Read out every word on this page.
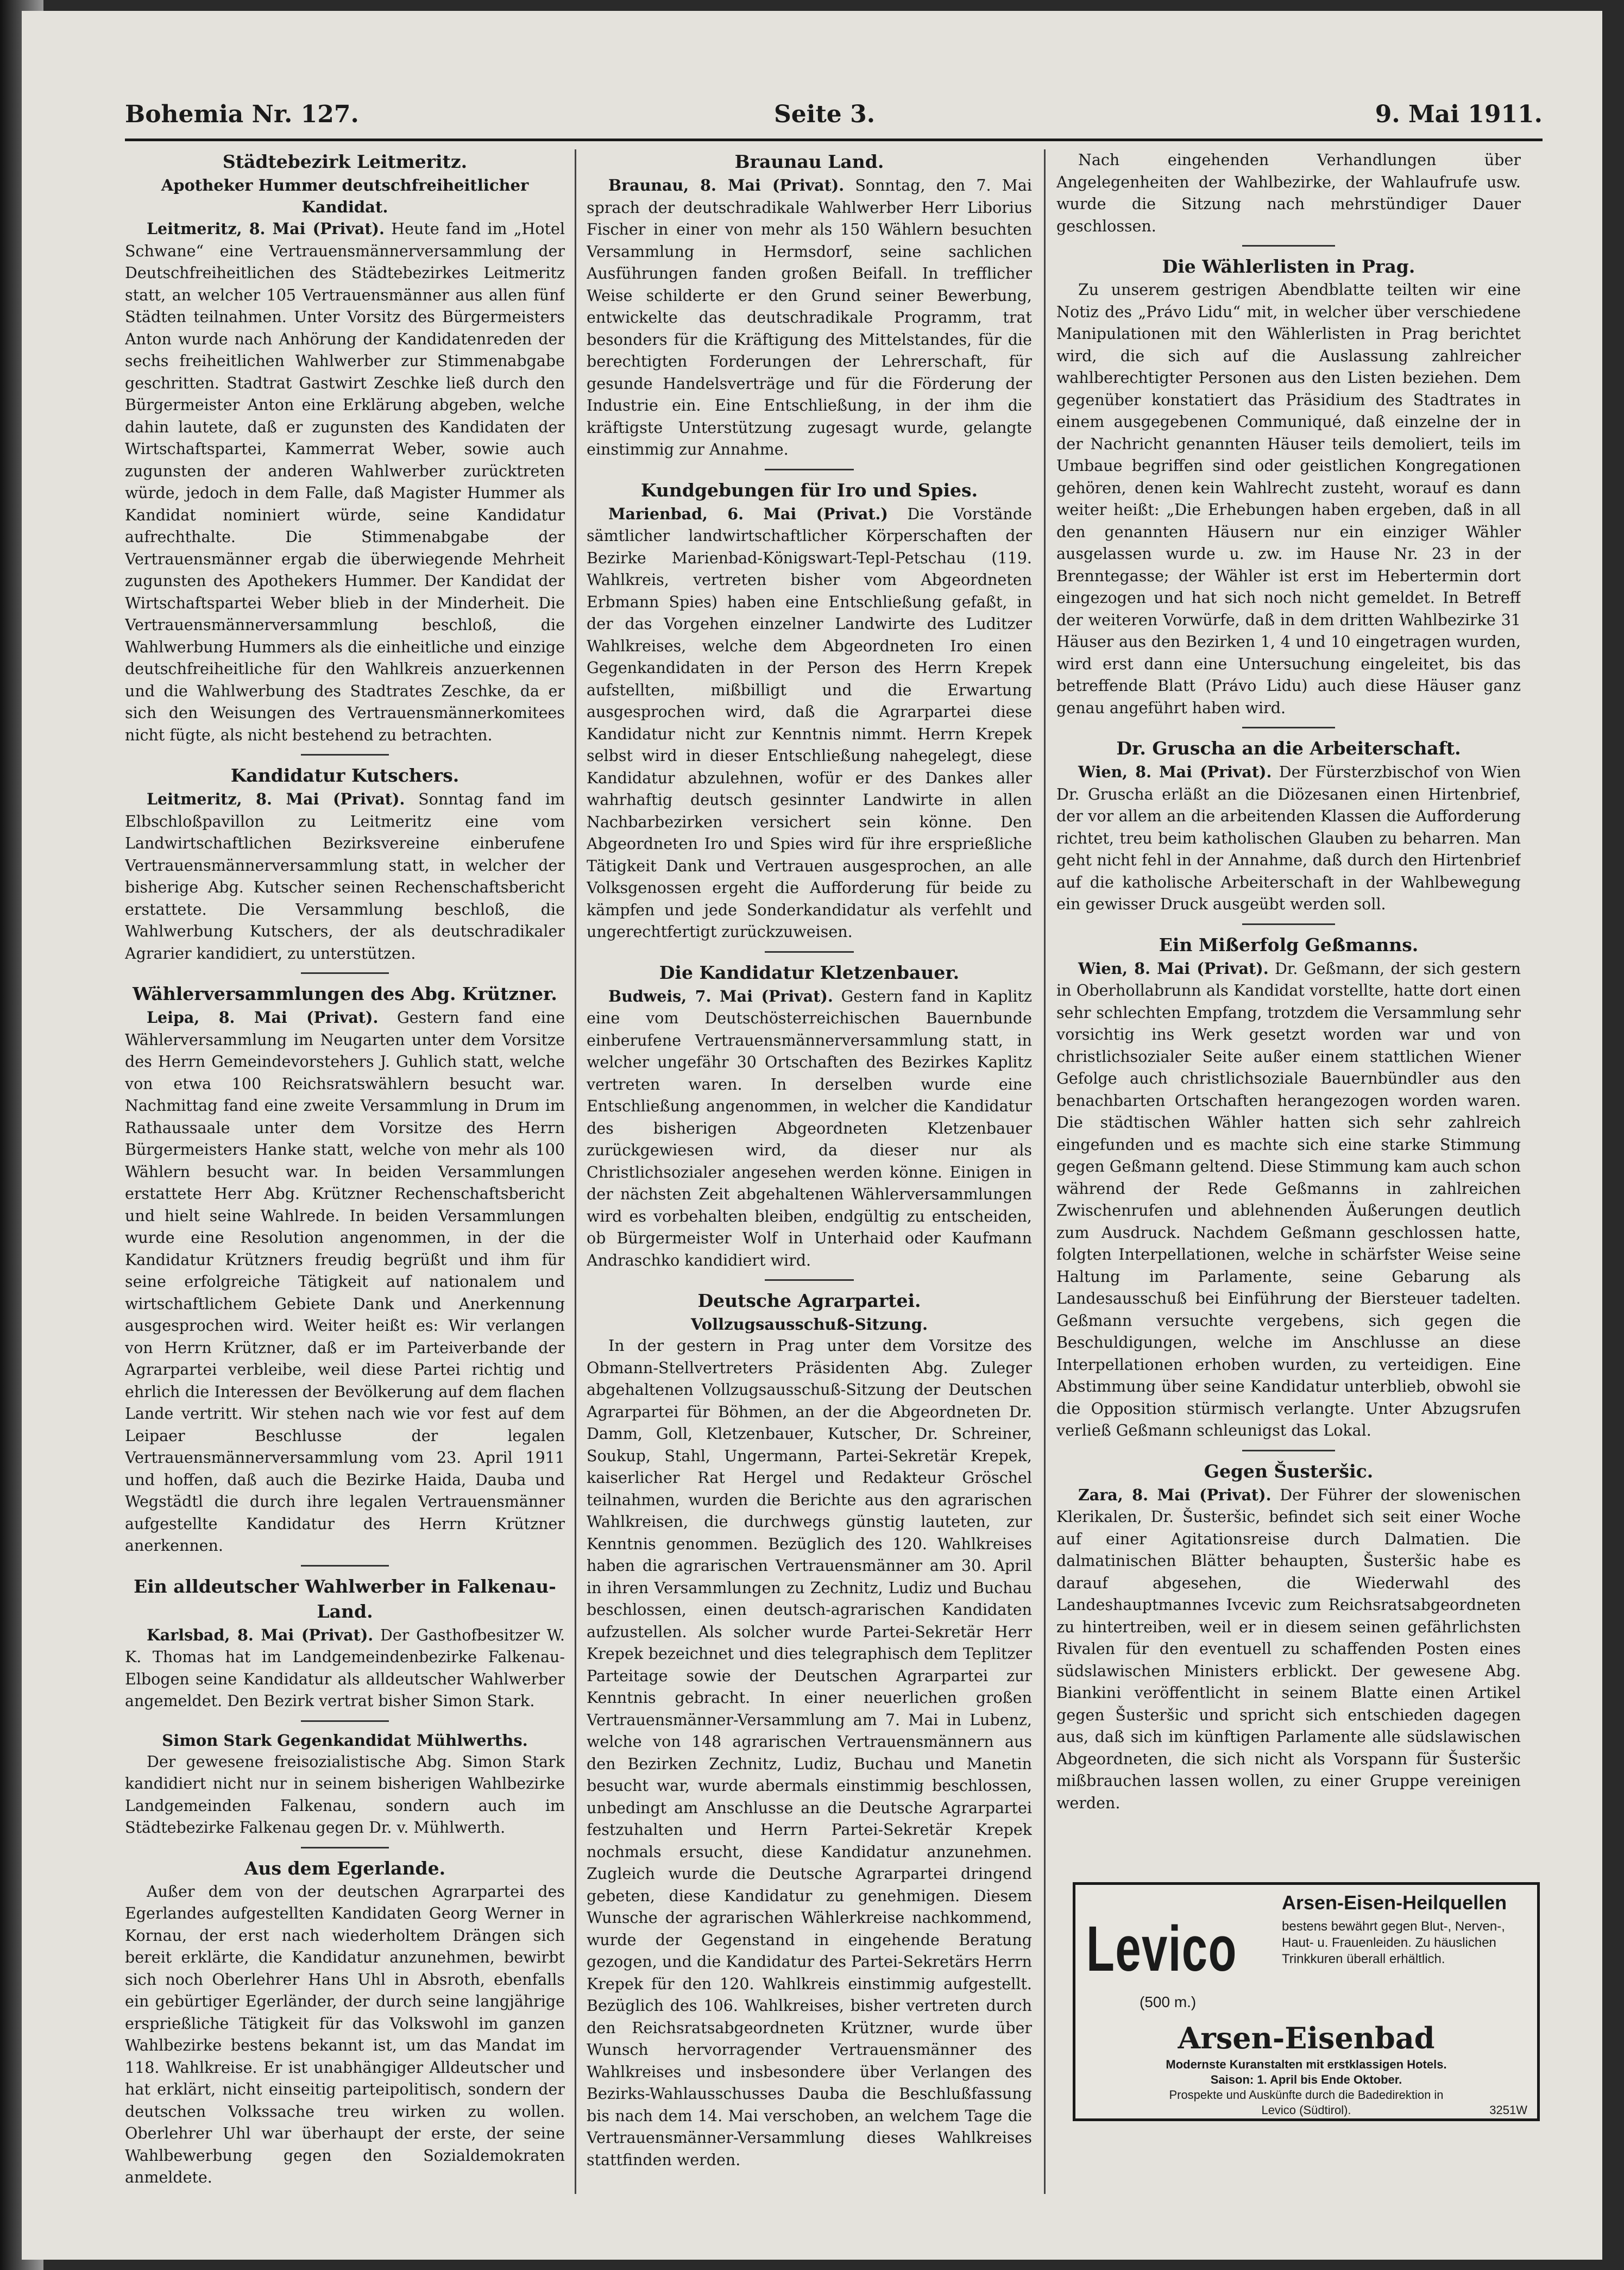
Bohemia Nr. 127.	Seite 3.	9. Mai 1911.

Städtebezirk Leitmeritz.

Apotheker Hummer deutschfreiheitlicher Kandidat.

Leitmeritz, 8. Mai (Privat). Heute fand im „Hotel Schwane“ eine Vertrauensmännerversammlung der Deutschfreiheitlichen des Städtebezirkes Leitmeritz statt, an welcher 105 Vertrauensmänner aus allen fünf Städten teilnahmen. Unter Vorsitz des Bürgermeisters Anton wurde nach Anhörung der Kandidatenreden der sechs freiheitlichen Wahlwerber zur Stimmenabgabe geschritten. Stadtrat Gastwirt Zeschke ließ durch den Bürgermeister Anton eine Erklärung abgeben, welche dahin lautete, daß er zugunsten des Kandidaten der Wirtschaftspartei, Kammerrat Weber, sowie auch zugunsten der anderen Wahlwerber zurücktreten würde, jedoch in dem Falle, daß Magister Hummer als Kandidat nominiert würde, seine Kandidatur aufrechthalte. Die Stimmenabgabe der Vertrauensmänner ergab die überwiegende Mehrheit zugunsten des Apothekers Hummer. Der Kandidat der Wirtschaftspartei Weber blieb in der Minderheit. Die Vertrauensmännerversammlung beschloß, die Wahlwerbung Hummers als die einheitliche und einzige deutschfreiheitliche für den Wahlkreis anzuerkennen und die Wahlwerbung des Stadtrates Zeschke, da er sich den Weisungen des Vertrauensmännerkomitees nicht fügte, als nicht bestehend zu betrachten.

Kandidatur Kutschers.

Leitmeritz, 8. Mai (Privat). Sonntag fand im Elbschloßpavillon zu Leitmeritz eine vom Landwirtschaftlichen Bezirksvereine einberufene Vertrauensmännerversammlung statt, in welcher der bisherige Abg. Kutscher seinen Rechenschaftsbericht erstattete. Die Versammlung beschloß, die Wahlwerbung Kutschers, der als deutschradikaler Agrarier kandidiert, zu unterstützen.

Wählerversammlungen des Abg. Krützner.

Leipa, 8. Mai (Privat). Gestern fand eine Wählerversammlung im Neugarten unter dem Vorsitze des Herrn Gemeindevorstehers J. Guhlich statt, welche von etwa 100 Reichsratswählern besucht war. Nachmittag fand eine zweite Versammlung in Drum im Rathaussaale unter dem Vorsitze des Herrn Bürgermeisters Hanke statt, welche von mehr als 100 Wählern besucht war. In beiden Versammlungen erstattete Herr Abg. Krützner Rechenschaftsbericht und hielt seine Wahlrede. In beiden Versammlungen wurde eine Resolution angenommen, in der die Kandidatur Krützners freudig begrüßt und ihm für seine erfolgreiche Tätigkeit auf nationalem und wirtschaftlichem Gebiete Dank und Anerkennung ausgesprochen wird. Weiter heißt es: Wir verlangen von Herrn Krützner, daß er im Parteiverbande der Agrarpartei verbleibe, weil diese Partei richtig und ehrlich die Interessen der Bevölkerung auf dem flachen Lande vertritt. Wir stehen nach wie vor fest auf dem Leipaer Beschlusse der legalen Vertrauensmännerversammlung vom 23. April 1911 und hoffen, daß auch die Bezirke Haida, Dauba und Wegstädtl die durch ihre legalen Vertrauensmänner aufgestellte Kandidatur des Herrn Krützner anerkennen.

Ein alldeutscher Wahlwerber in Falkenau-Land.

Karlsbad, 8. Mai (Privat). Der Gasthofbesitzer W. K. Thomas hat im Landgemeindenbezirke Falkenau-Elbogen seine Kandidatur als alldeutscher Wahlwerber angemeldet. Den Bezirk vertrat bisher Simon Stark.

Simon Stark Gegenkandidat Mühlwerths.

Der gewesene freisozialistische Abg. Simon Stark kandidiert nicht nur in seinem bisherigen Wahlbezirke Landgemeinden Falkenau, sondern auch im Städtebezirke Falkenau gegen Dr. v. Mühlwerth.

Aus dem Egerlande.

Außer dem von der deutschen Agrarpartei des Egerlandes aufgestellten Kandidaten Georg Werner in Kornau, der erst nach wiederholtem Drängen sich bereit erklärte, die Kandidatur anzunehmen, bewirbt sich noch Oberlehrer Hans Uhl in Absroth, ebenfalls ein gebürtiger Egerländer, der durch seine langjährige ersprießliche Tätigkeit für das Volkswohl im ganzen Wahlbezirke bestens bekannt ist, um das Mandat im 118. Wahlkreise. Er ist unabhängiger Alldeutscher und hat erklärt, nicht einseitig parteipolitisch, sondern der deutschen Volkssache treu wirken zu wollen. Oberlehrer Uhl war überhaupt der erste, der seine Wahlbewerbung gegen den Sozialdemokraten anmeldete.

Braunau Land.

Braunau, 8. Mai (Privat). Sonntag, den 7. Mai sprach der deutschradikale Wahlwerber Herr Liborius Fischer in einer von mehr als 150 Wählern besuchten Versammlung in Hermsdorf, seine sachlichen Ausführungen fanden großen Beifall. In trefflicher Weise schilderte er den Grund seiner Bewerbung, entwickelte das deutschradikale Programm, trat besonders für die Kräftigung des Mittelstandes, für die berechtigten Forderungen der Lehrerschaft, für gesunde Handelsverträge und für die Förderung der Industrie ein. Eine Entschließung, in der ihm die kräftigste Unterstützung zugesagt wurde, gelangte einstimmig zur Annahme.

Kundgebungen für Iro und Spies.

Marienbad, 6. Mai (Privat.) Die Vorstände sämtlicher landwirtschaftlicher Körperschaften der Bezirke Marienbad-Königswart-Tepl-Petschau (119. Wahlkreis, vertreten bisher vom Abgeordneten Erbmann Spies) haben eine Entschließung gefaßt, in der das Vorgehen einzelner Landwirte des Luditzer Wahlkreises, welche dem Abgeordneten Iro einen Gegenkandidaten in der Person des Herrn Krepek aufstellten, mißbilligt und die Erwartung ausgesprochen wird, daß die Agrarpartei diese Kandidatur nicht zur Kenntnis nimmt. Herrn Krepek selbst wird in dieser Entschließung nahegelegt, diese Kandidatur abzulehnen, wofür er des Dankes aller wahrhaftig deutsch gesinnter Landwirte in allen Nachbarbezirken versichert sein könne. Den Abgeordneten Iro und Spies wird für ihre ersprießliche Tätigkeit Dank und Vertrauen ausgesprochen, an alle Volksgenossen ergeht die Aufforderung für beide zu kämpfen und jede Sonderkandidatur als verfehlt und ungerechtfertigt zurückzuweisen.

Die Kandidatur Kletzenbauer.

Budweis, 7. Mai (Privat). Gestern fand in Kaplitz eine vom Deutschösterreichischen Bauernbunde einberufene Vertrauensmännerversammlung statt, in welcher ungefähr 30 Ortschaften des Bezirkes Kaplitz vertreten waren. In derselben wurde eine Entschließung angenommen, in welcher die Kandidatur des bisherigen Abgeordneten Kletzenbauer zurückgewiesen wird, da dieser nur als Christlichsozialer angesehen werden könne. Einigen in der nächsten Zeit abgehaltenen Wählerversammlungen wird es vorbehalten bleiben, endgültig zu entscheiden, ob Bürgermeister Wolf in Unterhaid oder Kaufmann Andraschko kandidiert wird.

Deutsche Agrarpartei.

Vollzugsausschuß-Sitzung.

In der gestern in Prag unter dem Vorsitze des Obmann-Stellvertreters Präsidenten Abg. Zuleger abgehaltenen Vollzugsausschuß-Sitzung der Deutschen Agrarpartei für Böhmen, an der die Abgeordneten Dr. Damm, Goll, Kletzenbauer, Kutscher, Dr. Schreiner, Soukup, Stahl, Ungermann, Partei-Sekretär Krepek, kaiserlicher Rat Hergel und Redakteur Gröschel teilnahmen, wurden die Berichte aus den agrarischen Wahlkreisen, die durchwegs günstig lauteten, zur Kenntnis genommen. Bezüglich des 120. Wahlkreises haben die agrarischen Vertrauensmänner am 30. April in ihren Versammlungen zu Zechnitz, Ludiz und Buchau beschlossen, einen deutsch-agrarischen Kandidaten aufzustellen. Als solcher wurde Partei-Sekretär Herr Krepek bezeichnet und dies telegraphisch dem Teplitzer Parteitage sowie der Deutschen Agrarpartei zur Kenntnis gebracht. In einer neuerlichen großen Vertrauensmänner-Versammlung am 7. Mai in Lubenz, welche von 148 agrarischen Vertrauensmännern aus den Bezirken Zechnitz, Ludiz, Buchau und Manetin besucht war, wurde abermals einstimmig beschlossen, unbedingt am Anschlusse an die Deutsche Agrarpartei festzuhalten und Herrn Partei-Sekretär Krepek nochmals ersucht, diese Kandidatur anzunehmen. Zugleich wurde die Deutsche Agrarpartei dringend gebeten, diese Kandidatur zu genehmigen. Diesem Wunsche der agrarischen Wählerkreise nachkommend, wurde der Gegenstand in eingehende Beratung gezogen, und die Kandidatur des Partei-Sekretärs Herrn Krepek für den 120. Wahlkreis einstimmig aufgestellt. Bezüglich des 106. Wahlkreises, bisher vertreten durch den Reichsratsabgeordneten Krützner, wurde über Wunsch hervorragender Vertrauensmänner des Wahlkreises und insbesondere über Verlangen des Bezirks-Wahlausschusses Dauba die Beschlußfassung bis nach dem 14. Mai verschoben, an welchem Tage die Vertrauensmänner-Versammlung dieses Wahlkreises stattfinden werden.

Nach eingehenden Verhandlungen über Angelegenheiten der Wahlbezirke, der Wahlaufrufe usw. wurde die Sitzung nach mehrstündiger Dauer geschlossen.

Die Wählerlisten in Prag.

Zu unserem gestrigen Abendblatte teilten wir eine Notiz des „Právo Lidu“ mit, in welcher über verschiedene Manipulationen mit den Wählerlisten in Prag berichtet wird, die sich auf die Auslassung zahlreicher wahlberechtigter Personen aus den Listen beziehen. Dem gegenüber konstatiert das Präsidium des Stadtrates in einem ausgegebenen Communiqué, daß einzelne der in der Nachricht genannten Häuser teils demoliert, teils im Umbaue begriffen sind oder geistlichen Kongregationen gehören, denen kein Wahlrecht zusteht, worauf es dann weiter heißt: „Die Erhebungen haben ergeben, daß in all den genannten Häusern nur ein einziger Wähler ausgelassen wurde u. zw. im Hause Nr. 23 in der Brenntegasse; der Wähler ist erst im Hebertermin dort eingezogen und hat sich noch nicht gemeldet. In Betreff der weiteren Vorwürfe, daß in dem dritten Wahlbezirke 31 Häuser aus den Bezirken 1, 4 und 10 eingetragen wurden, wird erst dann eine Untersuchung eingeleitet, bis das betreffende Blatt (Právo Lidu) auch diese Häuser ganz genau angeführt haben wird.

Dr. Gruscha an die Arbeiterschaft.

Wien, 8. Mai (Privat). Der Fürsterzbischof von Wien Dr. Gruscha erläßt an die Diözesanen einen Hirtenbrief, der vor allem an die arbeitenden Klassen die Aufforderung richtet, treu beim katholischen Glauben zu beharren. Man geht nicht fehl in der Annahme, daß durch den Hirtenbrief auf die katholische Arbeiterschaft in der Wahlbewegung ein gewisser Druck ausgeübt werden soll.

Ein Mißerfolg Geßmanns.

Wien, 8. Mai (Privat). Dr. Geßmann, der sich gestern in Oberhollabrunn als Kandidat vorstellte, hatte dort einen sehr schlechten Empfang, trotzdem die Versammlung sehr vorsichtig ins Werk gesetzt worden war und von christlichsozialer Seite außer einem stattlichen Wiener Gefolge auch christlichsoziale Bauernbündler aus den benachbarten Ortschaften herangezogen worden waren. Die städtischen Wähler hatten sich sehr zahlreich eingefunden und es machte sich eine starke Stimmung gegen Geßmann geltend. Diese Stimmung kam auch schon während der Rede Geßmanns in zahlreichen Zwischenrufen und ablehnenden Äußerungen deutlich zum Ausdruck. Nachdem Geßmann geschlossen hatte, folgten Interpellationen, welche in schärfster Weise seine Haltung im Parlamente, seine Gebarung als Landesausschuß bei Einführung der Biersteuer tadelten. Geßmann versuchte vergebens, sich gegen die Beschuldigungen, welche im Anschlusse an diese Interpellationen erhoben wurden, zu verteidigen. Eine Abstimmung über seine Kandidatur unterblieb, obwohl sie die Opposition stürmisch verlangte. Unter Abzugsrufen verließ Geßmann schleunigst das Lokal.

Gegen Šusteršic.

Zara, 8. Mai (Privat). Der Führer der slowenischen Klerikalen, Dr. Šusteršic, befindet sich seit einer Woche auf einer Agitationsreise durch Dalmatien. Die dalmatinischen Blätter behaupten, Šusteršic habe es darauf abgesehen, die Wiederwahl des Landeshauptmannes Ivcevic zum Reichsratsabgeordneten zu hintertreiben, weil er in diesem seinen gefährlichsten Rivalen für den eventuell zu schaffenden Posten eines südslawischen Ministers erblickt. Der gewesene Abg. Biankini veröffentlicht in seinem Blatte einen Artikel gegen Šusteršic und spricht sich entschieden dagegen aus, daß sich im künftigen Parlamente alle südslawischen Abgeordneten, die sich nicht als Vorspann für Šusteršic mißbrauchen lassen wollen, zu einer Gruppe vereinigen werden.

Levico
(500 m.)
Arsen-Eisen-Heilquellen
bestens bewährt gegen Blut-, Nerven-, Haut- u. Frauenleiden. Zu häuslichen Trinkkuren überall erhältlich.
Arsen-Eisenbad
Modernste Kuranstalten mit erstklassigen Hotels.
Saison: 1. April bis Ende Oktober.
Prospekte und Auskünfte durch die Badedirektion in
Levico (Südtirol).	3251W
